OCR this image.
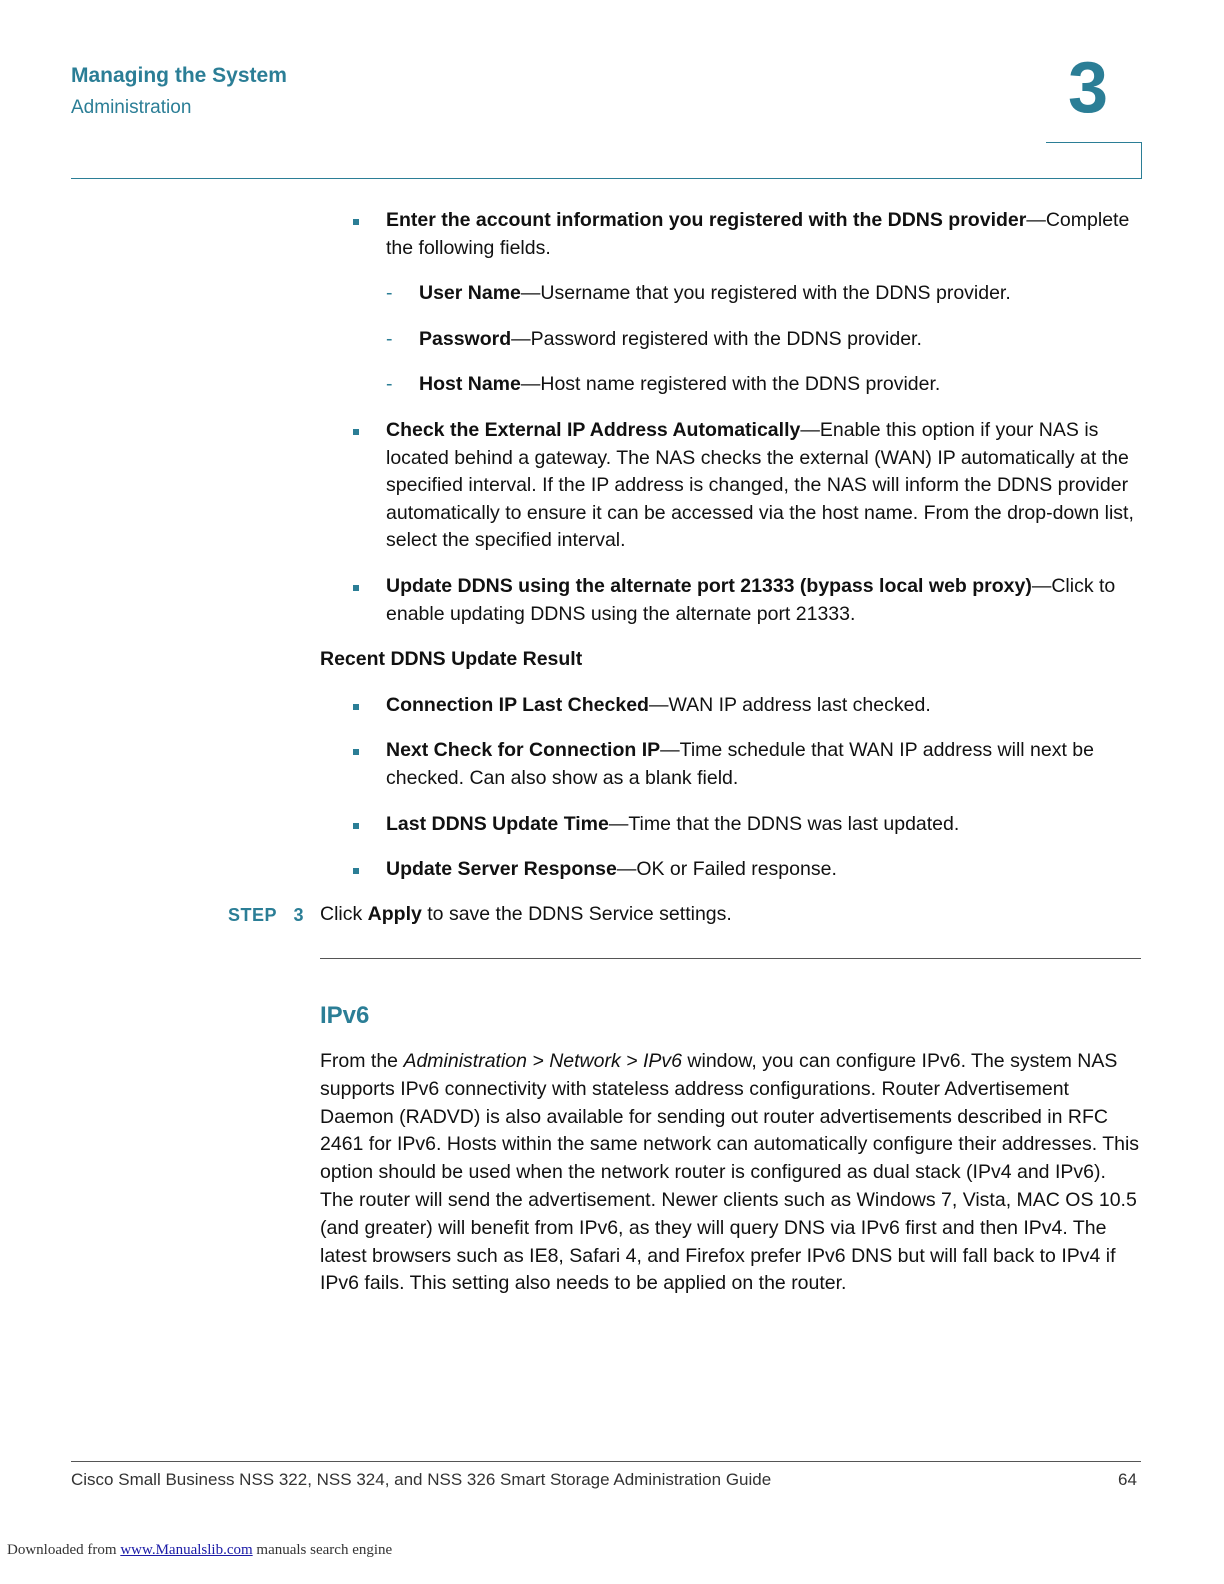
Managing the System
Administration	3
Enter the account information you registered with the DDNS provider—Complete the following fields.
- User Name—Username that you registered with the DDNS provider.
- Password—Password registered with the DDNS provider.
- Host Name—Host name registered with the DDNS provider.
Check the External IP Address Automatically—Enable this option if your NAS is located behind a gateway. The NAS checks the external (WAN) IP automatically at the specified interval. If the IP address is changed, the NAS will inform the DDNS provider automatically to ensure it can be accessed via the host name. From the drop-down list, select the specified interval.
Update DDNS using the alternate port 21333 (bypass local web proxy)—Click to enable updating DDNS using the alternate port 21333.
Recent DDNS Update Result
Connection IP Last Checked—WAN IP address last checked.
Next Check for Connection IP—Time schedule that WAN IP address will next be checked. Can also show as a blank field.
Last DDNS Update Time—Time that the DDNS was last updated.
Update Server Response—OK or Failed response.
STEP 3 Click Apply to save the DDNS Service settings.
IPv6
From the Administration > Network > IPv6 window, you can configure IPv6. The system NAS supports IPv6 connectivity with stateless address configurations. Router Advertisement Daemon (RADVD) is also available for sending out router advertisements described in RFC 2461 for IPv6. Hosts within the same network can automatically configure their addresses. This option should be used when the network router is configured as dual stack (IPv4 and IPv6). The router will send the advertisement. Newer clients such as Windows 7, Vista, MAC OS 10.5 (and greater) will benefit from IPv6, as they will query DNS via IPv6 first and then IPv4. The latest browsers such as IE8, Safari 4, and Firefox prefer IPv6 DNS but will fall back to IPv4 if IPv6 fails. This setting also needs to be applied on the router.
Cisco Small Business NSS 322, NSS 324, and NSS 326 Smart Storage Administration Guide	64
Downloaded from www.Manualslib.com manuals search engine
